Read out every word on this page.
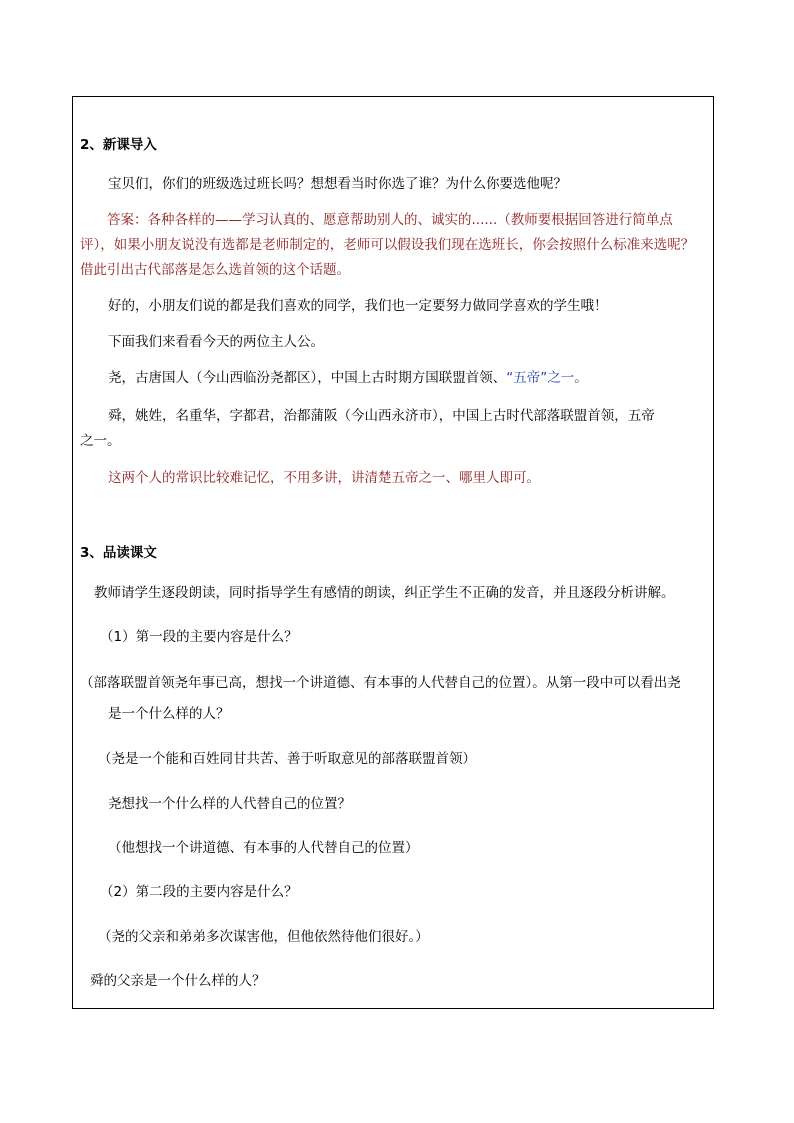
2、新课导入
宝贝们，你们的班级选过班长吗？想想看当时你选了谁？为什么你要选他呢？
答案：各种各样的——学习认真的、愿意帮助别人的、诚实的......（教师要根据回答进行简单点
评），如果小朋友说没有选都是老师制定的，老师可以假设我们现在选班长，你会按照什么标准来选呢？
借此引出古代部落是怎么选首领的这个话题。
好的，小朋友们说的都是我们喜欢的同学，我们也一定要努力做同学喜欢的学生哦！
下面我们来看看今天的两位主人公。
尧，古唐国人（今山西临汾尧都区），中国上古时期方国联盟首领、“五帝”之一。
舜，姚姓，名重华，字都君，治都蒲阪（今山西永济市），中国上古时代部落联盟首领，五帝
之一。
这两个人的常识比较难记忆，不用多讲，讲清楚五帝之一、哪里人即可。
3、品读课文
教师请学生逐段朗读，同时指导学生有感情的朗读，纠正学生不正确的发音，并且逐段分析讲解。
（1）第一段的主要内容是什么？
（部落联盟首领尧年事已高，想找一个讲道德、有本事的人代替自己的位置）。从第一段中可以看出尧
是一个什么样的人？
（尧是一个能和百姓同甘共苦、善于听取意见的部落联盟首领）
尧想找一个什么样的人代替自己的位置？
（他想找一个讲道德、有本事的人代替自己的位置）
（2）第二段的主要内容是什么？
（尧的父亲和弟弟多次谋害他，但他依然待他们很好。）
舜的父亲是一个什么样的人？
